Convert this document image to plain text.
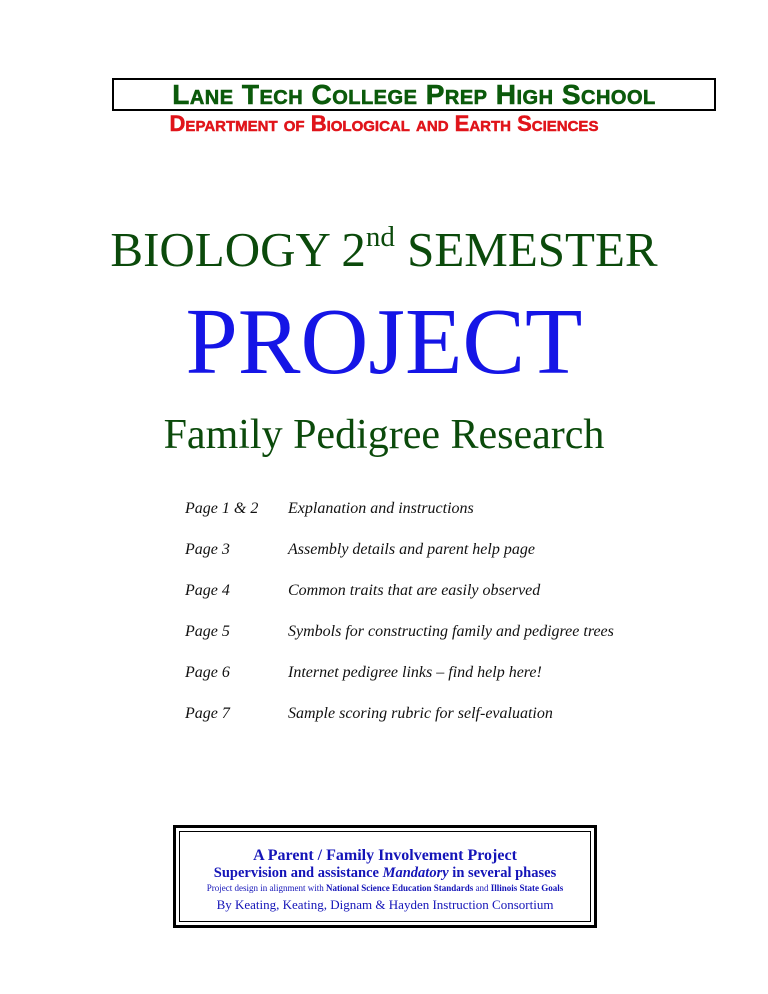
Lane Tech College Prep High School
Department of Biological and Earth Sciences
BIOLOGY 2nd SEMESTER
PROJECT
Family Pedigree Research
Page 1 & 2 Explanation and instructions
Page 3	Assembly details and parent help page
Page 4	Common traits that are easily observed
Page 5	Symbols for constructing family and pedigree trees
Page 6	Internet pedigree links – find help here!
Page 7	Sample scoring rubric for self-evaluation
A Parent / Family Involvement Project
Supervision and assistance Mandatory in several phases
Project design in alignment with National Science Education Standards and Illinois State Goals
By Keating, Keating, Dignam & Hayden Instruction Consortium
